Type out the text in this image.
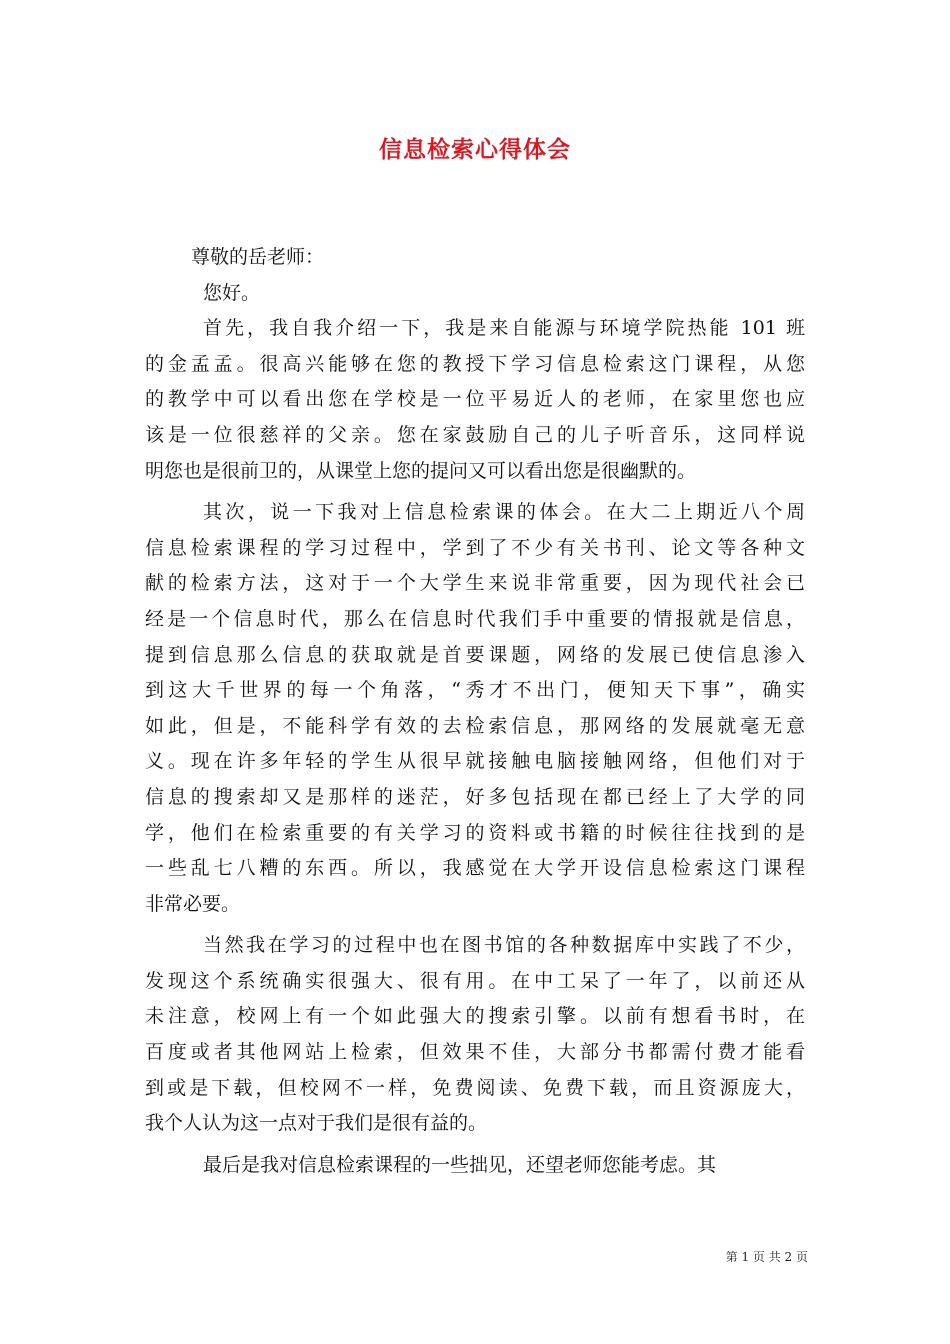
信息检索心得体会
尊敬的岳老师：
您好。
首先，我自我介绍一下，我是来自能源与环境学院热能 101 班
的金孟孟。很高兴能够在您的教授下学习信息检索这门课程，从您
的教学中可以看出您在学校是一位平易近人的老师，在家里您也应
该是一位很慈祥的父亲。您在家鼓励自己的儿子听音乐，这同样说
明您也是很前卫的，从课堂上您的提问又可以看出您是很幽默的。
其次，说一下我对上信息检索课的体会。在大二上期近八个周
信息检索课程的学习过程中，学到了不少有关书刊、论文等各种文
献的检索方法，这对于一个大学生来说非常重要，因为现代社会已
经是一个信息时代，那么在信息时代我们手中重要的情报就是信息，
提到信息那么信息的获取就是首要课题，网络的发展已使信息渗入
到这大千世界的每一个角落，“秀才不出门，便知天下事”，确实
如此，但是，不能科学有效的去检索信息，那网络的发展就毫无意
义。现在许多年轻的学生从很早就接触电脑接触网络，但他们对于
信息的搜索却又是那样的迷茫，好多包括现在都已经上了大学的同
学，他们在检索重要的有关学习的资料或书籍的时候往往找到的是
一些乱七八糟的东西。所以，我感觉在大学开设信息检索这门课程
非常必要。
当然我在学习的过程中也在图书馆的各种数据库中实践了不少，
发现这个系统确实很强大、很有用。在中工呆了一年了，以前还从
未注意，校网上有一个如此强大的搜索引擎。以前有想看书时，在
百度或者其他网站上检索，但效果不佳，大部分书都需付费才能看
到或是下载，但校网不一样，免费阅读、免费下载，而且资源庞大，
我个人认为这一点对于我们是很有益的。
最后是我对信息检索课程的一些拙见，还望老师您能考虑。其
第 1 页 共 2 页
